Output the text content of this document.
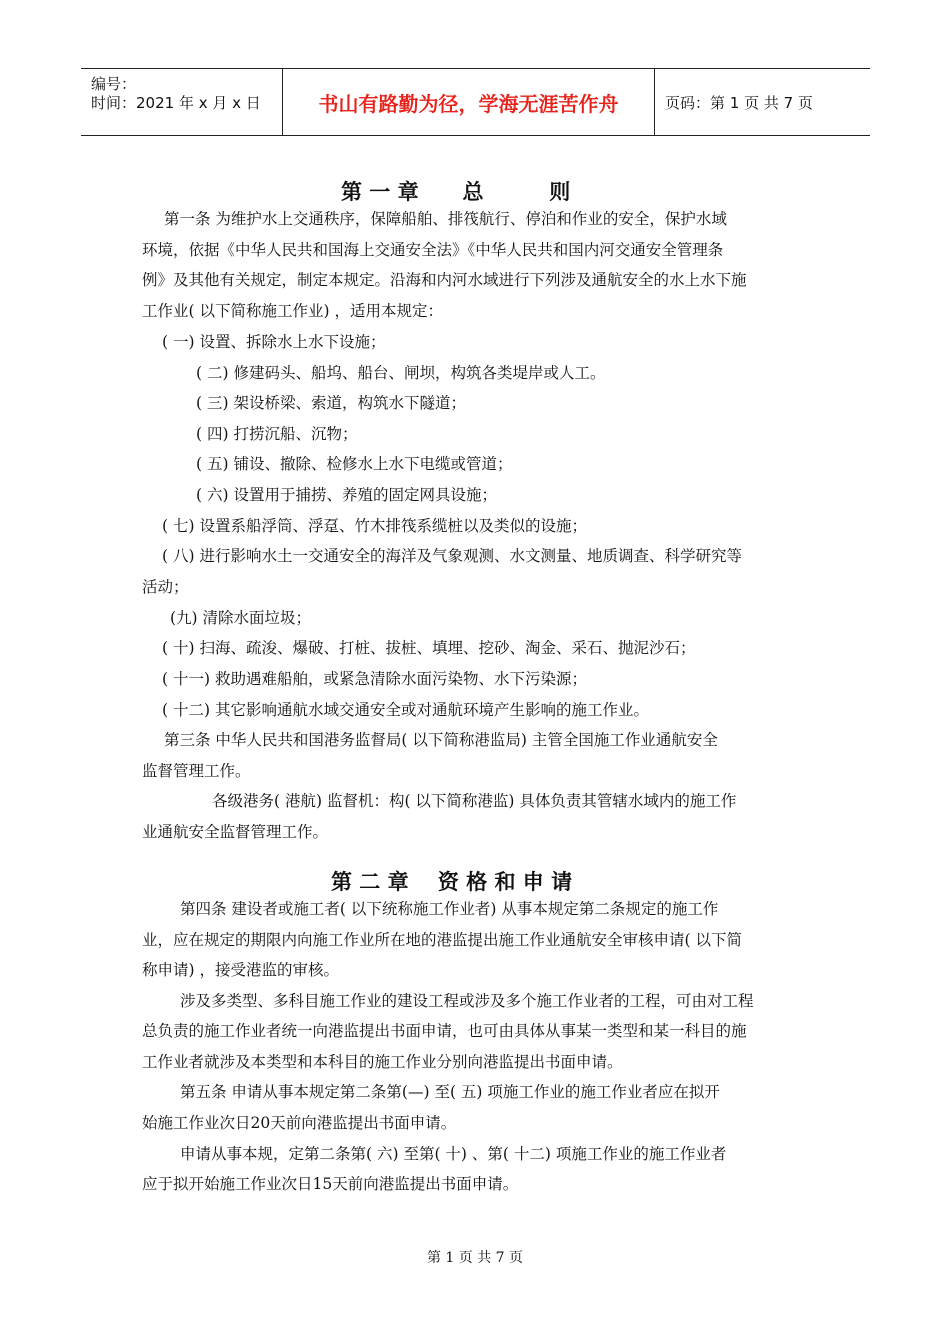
编号：
时间：2021 年 x 月 x 日	书山有路勤为径，学海无涯苦作舟	页码：第 1 页 共 7 页
第 一 章      总         则
第一条 为维护水上交通秩序，保障船舶、排筏航行、停泊和作业的安全，保护水域
环境，依据《中华人民共和国海上交通安全法》《中华人民共和国内河交通安全管理条
例》及其他有关规定，制定本规定。沿海和内河水域进行下列涉及通航安全的水上水下施
工作业( 以下简称施工作业) ，适用本规定：
( 一) 设置、拆除水上水下设施；
( 二) 修建码头、船坞、船台、闸坝，构筑各类堤岸或人工。
( 三) 架设桥梁、索道，构筑水下隧道；
( 四) 打捞沉船、沉物；
( 五) 铺设、撤除、检修水上水下电缆或管道；
( 六) 设置用于捕捞、养殖的固定网具设施；
( 七) 设置系船浮筒、浮趸、竹木排筏系缆桩以及类似的设施；
( 八) 进行影响水土一交通安全的海洋及气象观测、水文测量、地质调查、科学研究等
活动；
(九) 清除水面垃圾；
( 十) 扫海、疏浚、爆破、打桩、拔桩、填埋、挖砂、淘金、采石、抛泥沙石；
( 十一) 救助遇难船舶，或紧急清除水面污染物、水下污染源；
( 十二) 其它影响通航水域交通安全或对通航环境产生影响的施工作业。
第三条 中华人民共和国港务监督局( 以下简称港监局) 主管全国施工作业通航安全
监督管理工作。
各级港务( 港航) 监督机：构( 以下简称港监) 具体负责其管辖水域内的施工作
业通航安全监督管理工作。
第 二 章    资 格 和 申 请
第四条 建设者或施工者( 以下统称施工作业者) 从事本规定第二条规定的施工作
业，应在规定的期限内向施工作业所在地的港监提出施工作业通航安全审核申请( 以下简
称申请) ，接受港监的审核。
涉及多类型、多科目施工作业的建设工程或涉及多个施工作业者的工程，可由对工程
总负责的施工作业者统一向港监提出书面申请，也可由具体从事某一类型和某一科目的施
工作业者就涉及本类型和本科目的施工作业分别向港监提出书面申请。
第五条 申请从事本规定第二条第(—) 至( 五) 项施工作业的施工作业者应在拟开
始施工作业次日20天前向港监提出书面申请。
申请从事本规，定第二条第( 六) 至第( 十) 、第( 十二) 项施工作业的施工作业者
应于拟开始施工作业次日15天前向港监提出书面申请。
第 1 页 共 7 页
